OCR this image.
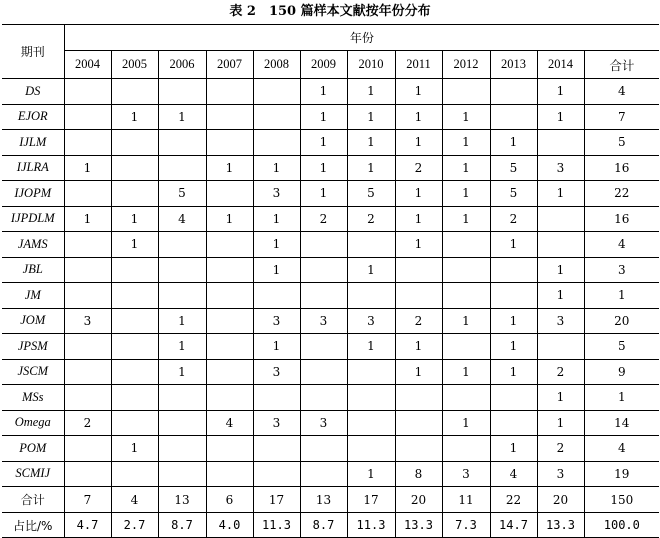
表 2　150 篇样本文献按年份分布
期刊	年份											
	2004	2005	2006	2007	2008	2009	2010	2011	2012	2013	2014	合计
DS						1	1	1			1	4
EJOR		1	1			1	1	1	1		1	7
IJLM						1	1	1	1	1		5
IJLRA	1			1	1	1	1	2	1	5	3	16
IJOPM			5		3	1	5	1	1	5	1	22
IJPDLM	1	1	4	1	1	2	2	1	1	2		16
JAMS		1			1			1		1		4
JBL					1		1				1	3
JM											1	1
JOM	3		1		3	3	3	2	1	1	3	20
JPSM			1		1		1	1		1		5
JSCM			1		3			1	1	1	2	9
MSs											1	1
Omega	2			4	3	3			1		1	14
POM		1								1	2	4
SCMIJ							1	8	3	4	3	19
合计	7	4	13	6	17	13	17	20	11	22	20	150
占比/%	4.7	2.7	8.7	4.0	11.3	8.7	11.3	13.3	7.3	14.7	13.3	100.0
